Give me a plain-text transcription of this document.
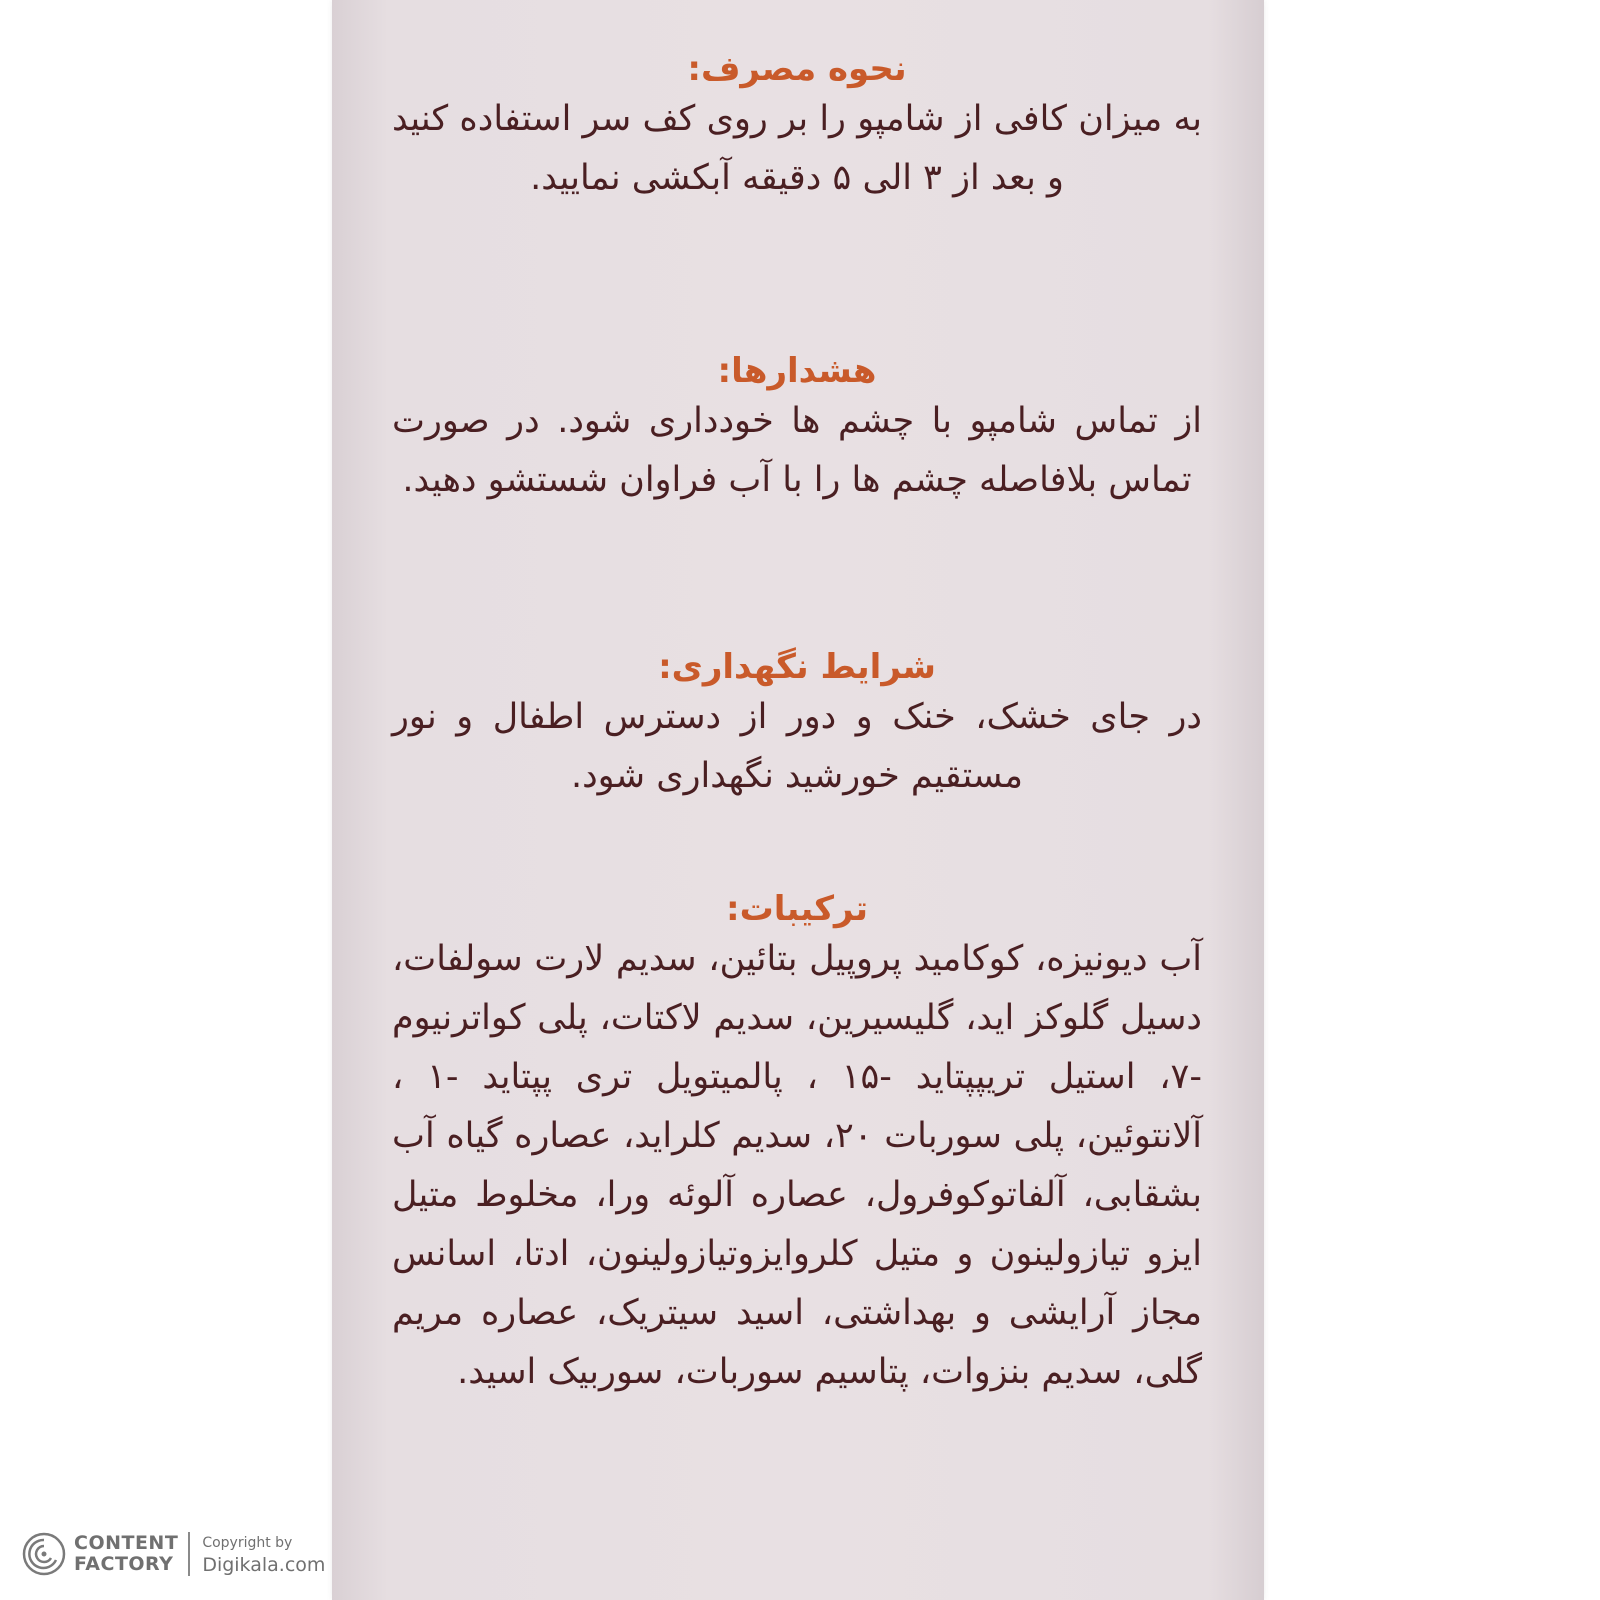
نحوه مصرف:

به میزان کافی از شامپو را بر روی کف سر استفاده کنید و بعد از ۳ الی ۵ دقیقه آبکشی نمایید.

هشدارها:

از تماس شامپو با چشم ها خودداری شود. در صورت تماس بلافاصله چشم ها را با آب فراوان شستشو دهید.

شرایط نگهداری:

در جای خشک، خنک و دور از دسترس اطفال و نور مستقیم خورشید نگهداری شود.

ترکیبات:

آب دیونیزه، کوکامید پروپیل بتائین، سدیم لارت سولفات، دسیل گلوکز اید، گلیسیرین، سدیم لاکتات، پلی کواترنیوم -۷، استیل تریپپتاید -۱۵ ، پالمیتویل تری پپتاید -۱ ، آلانتوئین، پلی سوربات ۲۰، سدیم کلراید، عصاره گیاه آب بشقابی، آلفاتوکوفرول، عصاره آلوئه ورا، مخلوط متیل ایزو تیازولینون و متیل کلروایزوتیازولینون، ادتا، اسانس مجاز آرایشی و بهداشتی، اسید سیتریک، عصاره مریم گلی، سدیم بنزوات، پتاسیم سوربات، سوربیک اسید.

CONTENT
FACTORY
Copyright by
Digikala.com
